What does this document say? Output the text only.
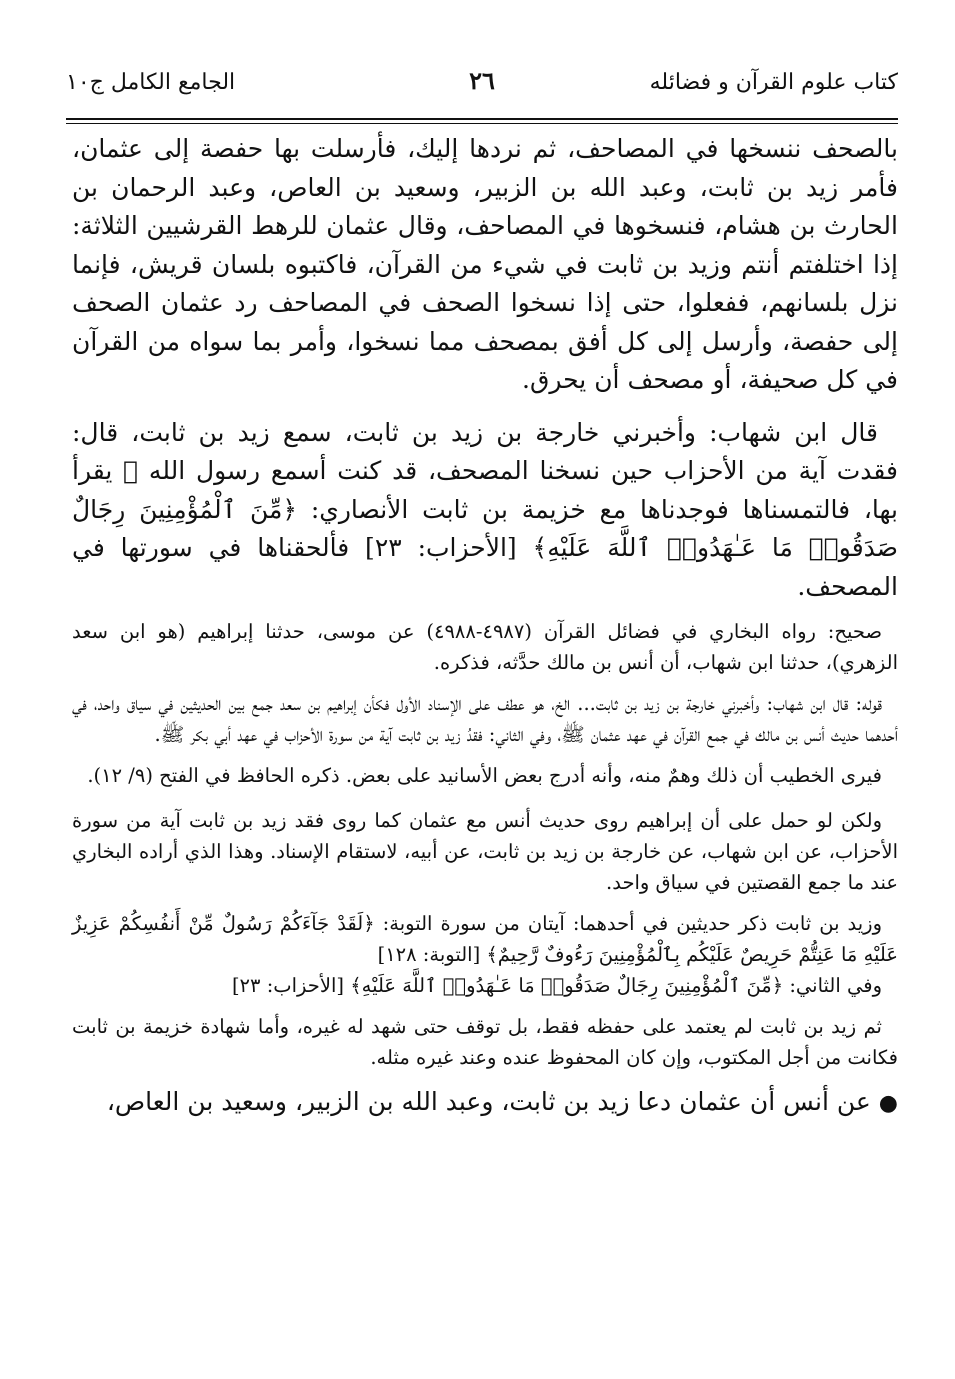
كتاب علوم القرآن و فضائله
٢٦
الجامع الكامل ج١٠

بالصحف ننسخها في المصاحف، ثم نردها إليك، فأرسلت بها حفصة إلى عثمان، فأمر زيد بن ثابت، وعبد الله بن الزبير، وسعيد بن العاص، وعبد الرحمان بن الحارث بن هشام، فنسخوها في المصاحف، وقال عثمان للرهط القرشيين الثلاثة: إذا اختلفتم أنتم وزيد بن ثابت في شيء من القرآن، فاكتبوه بلسان قريش، فإنما نزل بلسانهم، ففعلوا، حتى إذا نسخوا الصحف في المصاحف رد عثمان الصحف إلى حفصة، وأرسل إلى كل أفق بمصحف مما نسخوا، وأمر بما سواه من القرآن في كل صحيفة، أو مصحف أن يحرق.

قال ابن شهاب: وأخبرني خارجة بن زيد بن ثابت، سمع زيد بن ثابت، قال: فقدت آية من الأحزاب حين نسخنا المصحف، قد كنت أسمع رسول الله ﷺ يقرأ بها، فالتمسناها فوجدناها مع خزيمة بن ثابت الأنصاري: ﴿مِّنَ ٱلْمُؤْمِنِينَ رِجَالٌ صَدَقُوا۟ مَا عَـٰهَدُوا۟ ٱللَّهَ عَلَيْهِ﴾ [الأحزاب: ٢٣] فألحقناها في سورتها في المصحف.

صحيح: رواه البخاري في فضائل القرآن (٤٩٨٧-٤٩٨٨) عن موسى، حدثنا إبراهيم (هو ابن سعد الزهري)، حدثنا ابن شهاب، أن أنس بن مالك حدَّثه، فذكره.

قوله: قال ابن شهاب: وأخبرني خارجة بن زيد بن ثابت... الخ، هو عطف على الإسناد الأول فكأن إبراهيم بن سعد جمع بين الحديثين في سياق واحد، في أحدهما حديث أنس بن مالك في جمع القرآن في عهد عثمان ﷺ، وفي الثاني: فقدُ زيد بن ثابت آية من سورة الأحزاب في عهد أبي بكر ﷺ.

فيرى الخطيب أن ذلك وهمٌ منه، وأنه أدرج بعض الأسانيد على بعض. ذكره الحافظ في الفتح (٩/ ١٢).

ولكن لو حمل على أن إبراهيم روى حديث أنس مع عثمان كما روى فقد زيد بن ثابت آية من سورة الأحزاب، عن ابن شهاب، عن خارجة بن زيد بن ثابت، عن أبيه، لاستقام الإسناد. وهذا الذي أراده البخاري عند ما جمع القصتين في سياق واحد.

وزيد بن ثابت ذكر حديثين في أحدهما: آيتان من سورة التوبة: ﴿لَقَدْ جَآءَكُمْ رَسُولٌ مِّنْ أَنفُسِكُمْ عَزِيزٌ عَلَيْهِ مَا عَنِتُّمْ حَرِيصٌ عَلَيْكُم بِٱلْمُؤْمِنِينَ رَءُوفٌ رَّحِيمٌ﴾ [التوبة: ١٢٨]

وفي الثاني: ﴿مِّنَ ٱلْمُؤْمِنِينَ رِجَالٌ صَدَقُوا۟ مَا عَـٰهَدُوا۟ ٱللَّهَ عَلَيْهِ﴾ [الأحزاب: ٢٣]

ثم زيد بن ثابت لم يعتمد على حفظه فقط، بل توقف حتى شهد له غيره، وأما شهادة خزيمة بن ثابت فكانت من أجل المكتوب، وإن كان المحفوظ عنده وعند غيره مثله.

● عن أنس أن عثمان دعا زيد بن ثابت، وعبد الله بن الزبير، وسعيد بن العاص،
